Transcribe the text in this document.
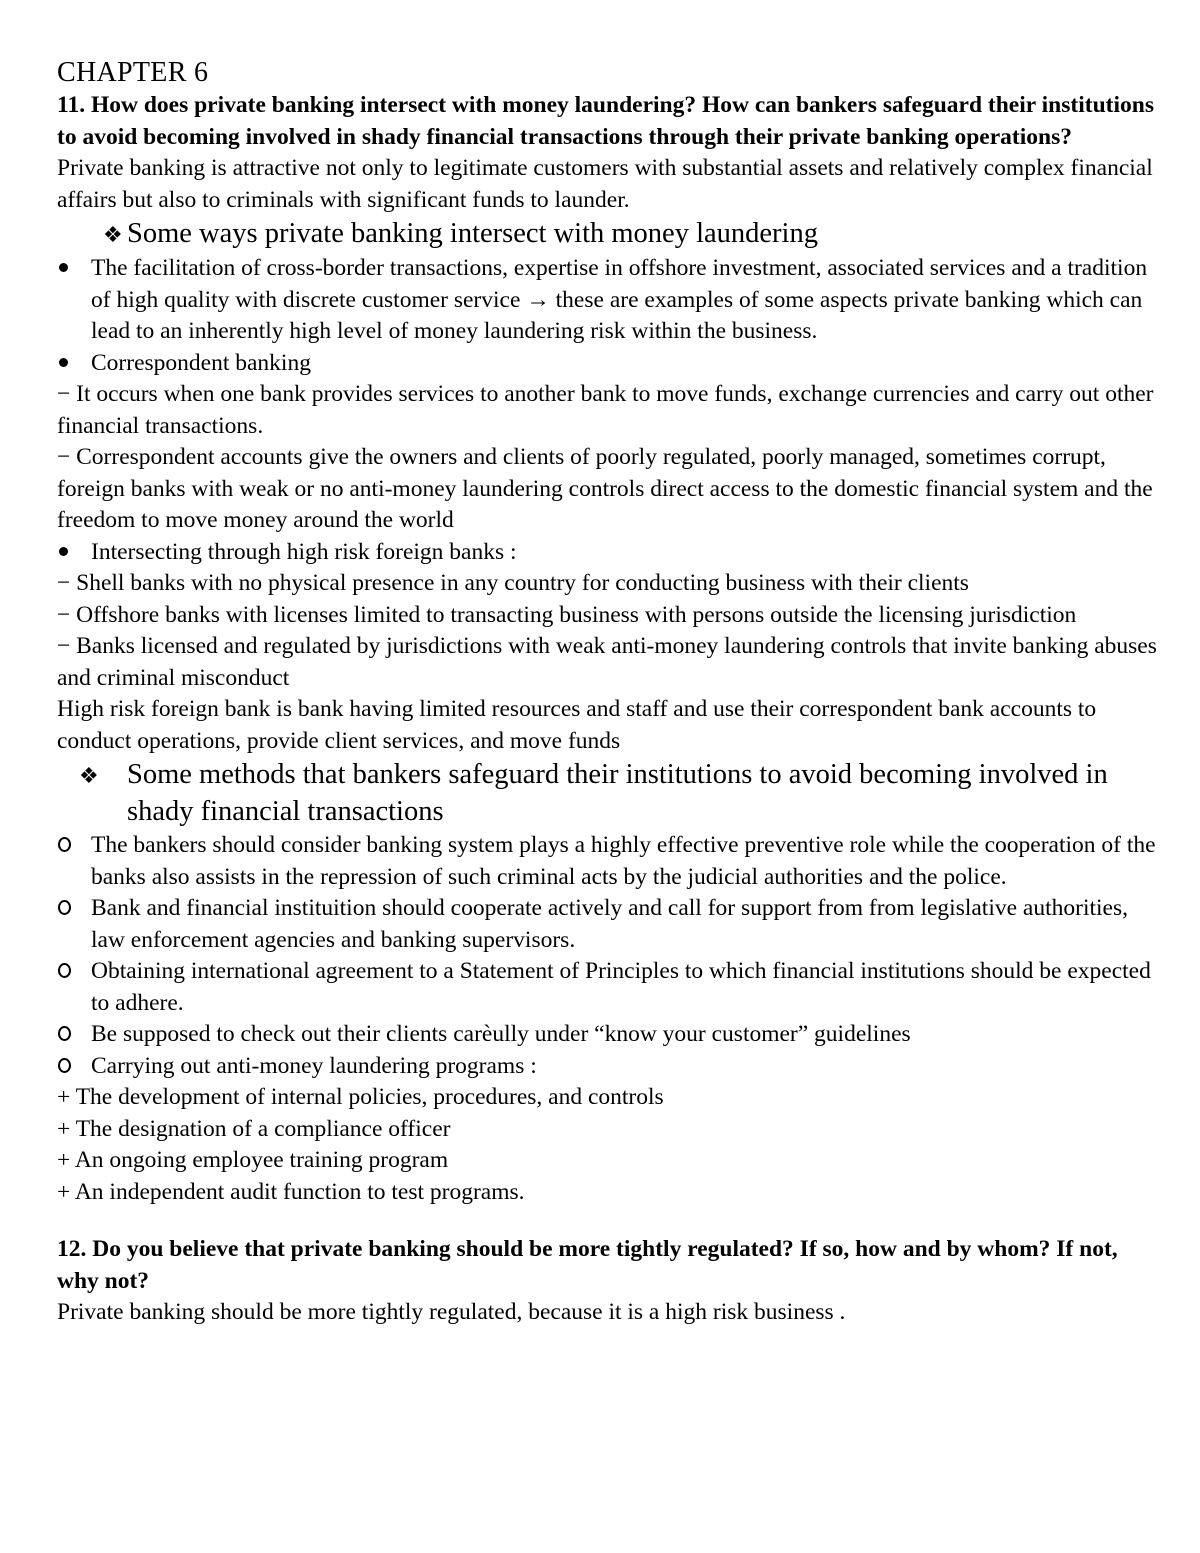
CHAPTER 6

11. How does private banking intersect with money laundering? How can bankers safeguard their institutions to avoid becoming involved in shady financial transactions through their private banking operations?

Private banking is attractive not only to legitimate customers with substantial assets and relatively complex financial affairs but also to criminals with significant funds to launder.

❖ Some ways private banking intersect with money laundering
The facilitation of cross-border transactions, expertise in offshore investment, associated services and a tradition of high quality with discrete customer service → these are examples of some aspects private banking which can lead to an inherently high level of money laundering risk within the business.
Correspondent banking

− It occurs when one bank provides services to another bank to move funds, exchange currencies and carry out other financial transactions.

− Correspondent accounts give the owners and clients of poorly regulated, poorly managed, sometimes corrupt, foreign banks with weak or no anti-money laundering controls direct access to the domestic financial system and the freedom to move money around the world

Intersecting through high risk foreign banks :

− Shell banks with no physical presence in any country for conducting business with their clients

− Offshore banks with licenses limited to transacting business with persons outside the licensing jurisdiction

− Banks licensed and regulated by jurisdictions with weak anti-money laundering controls that invite banking abuses and criminal misconduct

High risk foreign bank is bank having limited resources and staff and use their correspondent bank accounts to conduct operations, provide client services, and move funds

❖ Some methods that bankers safeguard their institutions to avoid becoming involved in shady financial transactions
The bankers should consider banking system plays a highly effective preventive role while the cooperation of the banks also assists in the repression of such criminal acts by the judicial authorities and the police.
Bank and financial instituition should cooperate actively and call for support from from legislative authorities, law enforcement agencies and banking supervisors.
Obtaining international agreement to a Statement of Principles to which financial institutions should be expected to adhere.
Be supposed to check out their clients carèully under “know your customer” guidelines
Carrying out anti-money laundering programs :

+ The development of internal policies, procedures, and controls

+ The designation of a compliance officer

+ An ongoing employee training program

+ An independent audit function to test programs.

12. Do you believe that private banking should be more tightly regulated? If so, how and by whom? If not, why not?

Private banking should be more tightly regulated, because it is a high risk business .
